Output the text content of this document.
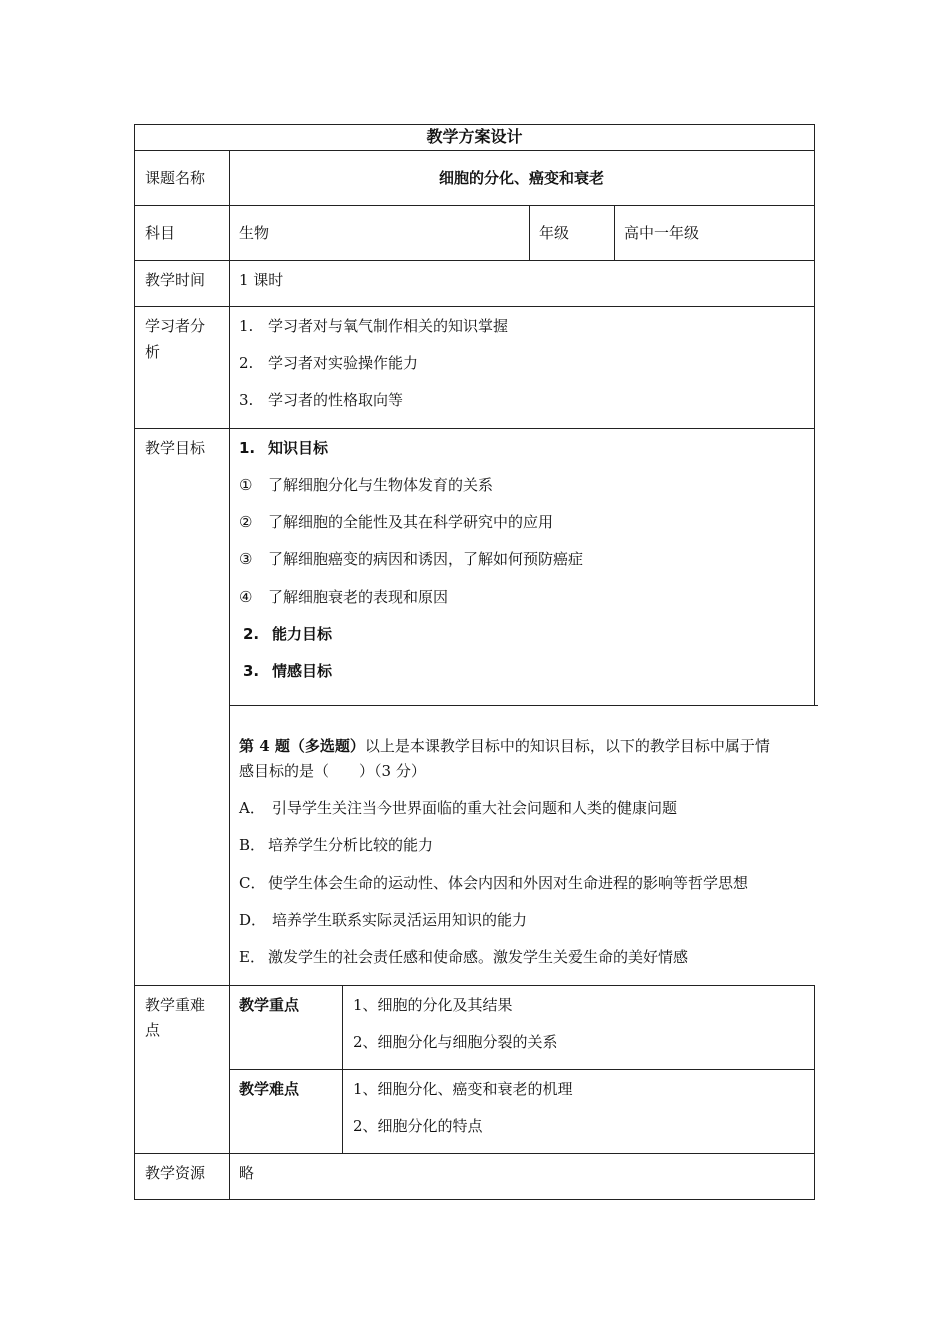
教学方案设计
课题名称	细胞的分化、癌变和衰老
科目	生物	年级	高中一年级
教学时间 1 课时
学习者分
析
1. 学习者对与氧气制作相关的知识掌握
2. 学习者对实验操作能力
3. 学习者的性格取向等
教学目标 1. 知识目标
① 了解细胞分化与生物体发育的关系
② 了解细胞的全能性及其在科学研究中的应用
③ 了解细胞癌变的病因和诱因，了解如何预防癌症
④ 了解细胞衰老的表现和原因
2. 能力目标
3. 情感目标
第 4 题（多选题）以上是本课教学目标中的知识目标，以下的教学目标中属于情
感目标的是（　　）（3 分）
A． 引导学生关注当今世界面临的重大社会问题和人类的健康问题
B． 培养学生分析比较的能力
C． 使学生体会生命的运动性、体会内因和外因对生命进程的影响等哲学思想
D． 培养学生联系实际灵活运用知识的能力
E． 激发学生的社会责任感和使命感。激发学生关爱生命的美好情感
教学重难
点
教学重点	1、细胞的分化及其结果
2、细胞分化与细胞分裂的关系
教学难点	1、细胞分化、癌变和衰老的机理
2、细胞分化的特点
教学资源 略
